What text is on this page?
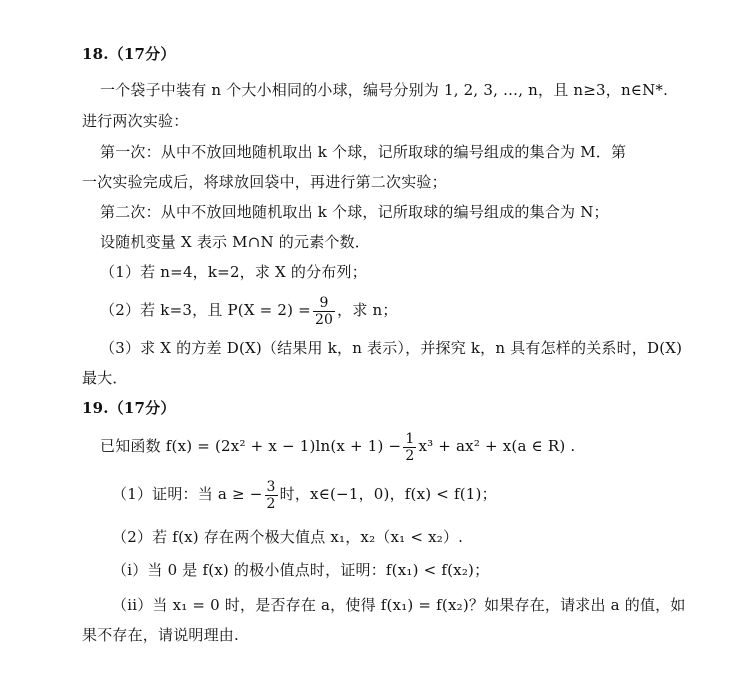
18.（17分）
一个袋子中装有 n 个大小相同的小球，编号分别为 1, 2, 3, …, n，且 n≥3，n∈N*.
进行两次实验：
第一次：从中不放回地随机取出 k 个球，记所取球的编号组成的集合为 M．第
一次实验完成后，将球放回袋中，再进行第二次实验；
第二次：从中不放回地随机取出 k 个球，记所取球的编号组成的集合为 N；
设随机变量 X 表示 M∩N 的元素个数．
（1）若 n=4，k=2，求 X 的分布列；
（2）若 k=3，且 $P(X = 2) = \frac{9}{20}$ ，求 n；
（3）求 X 的方差 D(X)（结果用 k，n 表示），并探究 k，n 具有怎样的关系时，D(X)
最大．
19.（17分）
已知函数 $f(x) = (2x^2 + x - 1)\ln(x + 1) - \frac{1}{2} x^3 + ax^2 + x(a$ ∈ R) .
（1）证明：当 a ≥ − $\frac{3}{2}$ 时，x∈(−1，0)，f(x) < f(1)；
（2）若 f(x) 存在两个极大值点 x₁，x₂（x₁ < x₂）.
（i）当 0 是 f(x) 的极小值点时，证明：f(x₁) < f(x₂)；
（ii）当 x₁ = 0 时，是否存在 a，使得 f(x₁) = f(x₂)？如果存在，请求出 a 的值，如
果不存在，请说明理由.
